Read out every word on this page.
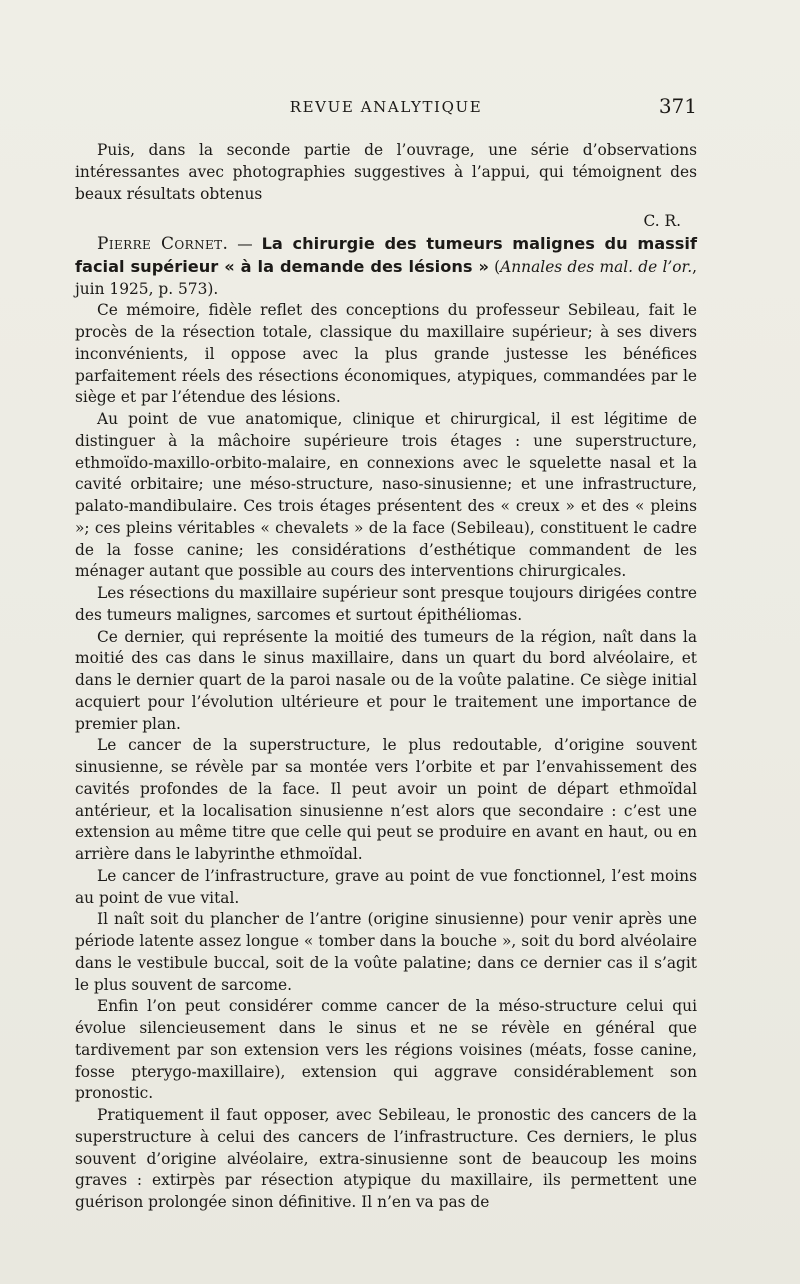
REVUE ANALYTIQUE	371

Puis, dans la seconde partie de l’ouvrage, une série d’observations intéressantes avec photographies suggestives à l’appui, qui témoignent des beaux résultats obtenus

C. R.

Pierre Cornet. — La chirurgie des tumeurs malignes du massif facial supérieur « à la demande des lésions » (Annales des mal. de l’or., juin 1925, p. 573).

Ce mémoire, fidèle reflet des conceptions du professeur Sebileau, fait le procès de la résection totale, classique du maxillaire supérieur; à ses divers inconvénients, il oppose avec la plus grande justesse les bénéfices parfaitement réels des résections économiques, atypiques, commandées par le siège et par l’étendue des lésions.

Au point de vue anatomique, clinique et chirurgical, il est légitime de distinguer à la mâchoire supérieure trois étages : une superstructure, ethmoïdo-maxillo-orbito-malaire, en connexions avec le squelette nasal et la cavité orbitaire; une méso-structure, naso-sinusienne; et une infrastructure, palato-mandibulaire. Ces trois étages présentent des « creux » et des « pleins »; ces pleins véritables « chevalets » de la face (Sebileau), constituent le cadre de la fosse canine; les considérations d’esthétique commandent de les ménager autant que possible au cours des interventions chirurgicales.

Les résections du maxillaire supérieur sont presque toujours dirigées contre des tumeurs malignes, sarcomes et surtout épithéliomas.

Ce dernier, qui représente la moitié des tumeurs de la région, naît dans la moitié des cas dans le sinus maxillaire, dans un quart du bord alvéolaire, et dans le dernier quart de la paroi nasale ou de la voûte palatine. Ce siège initial acquiert pour l’évolution ultérieure et pour le traitement une importance de premier plan.

Le cancer de la superstructure, le plus redoutable, d’origine souvent sinusienne, se révèle par sa montée vers l’orbite et par l’envahissement des cavités profondes de la face. Il peut avoir un point de départ ethmoïdal antérieur, et la localisation sinusienne n’est alors que secondaire : c’est une extension au même titre que celle qui peut se produire en avant en haut, ou en arrière dans le labyrinthe ethmoïdal.

Le cancer de l’infrastructure, grave au point de vue fonctionnel, l’est moins au point de vue vital.

Il naît soit du plancher de l’antre (origine sinusienne) pour venir après une période latente assez longue « tomber dans la bouche », soit du bord alvéolaire dans le vestibule buccal, soit de la voûte palatine; dans ce dernier cas il s’agit le plus souvent de sarcome.

Enfin l’on peut considérer comme cancer de la méso-structure celui qui évolue silencieusement dans le sinus et ne se révèle en général que tardivement par son extension vers les régions voisines (méats, fosse canine, fosse pterygo-maxillaire), extension qui aggrave considérablement son pronostic.

Pratiquement il faut opposer, avec Sebileau, le pronostic des cancers de la superstructure à celui des cancers de l’infrastructure. Ces derniers, le plus souvent d’origine alvéolaire, extra-sinusienne sont de beaucoup les moins graves : extirpès par résection atypique du maxillaire, ils permettent une guérison prolongée sinon définitive. Il n’en va pas de
